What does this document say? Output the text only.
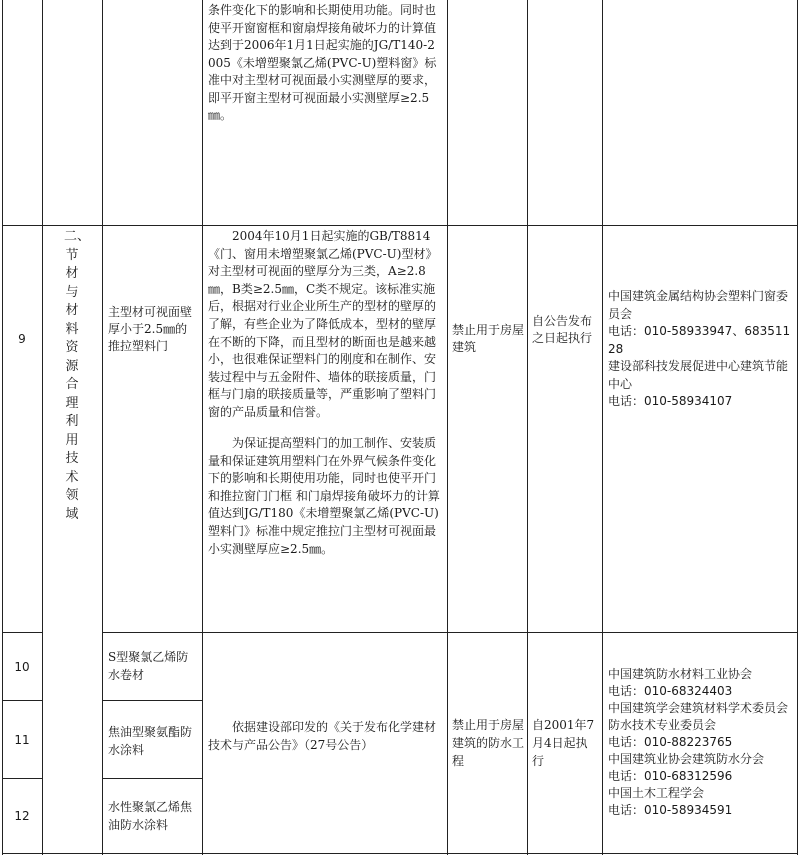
条件变化下的影响和长期使用功能。同时也使平开窗窗框和窗扇焊接角破坏力的计算值达到于2006年1月1日起实施的JG/T140-2005《未增塑聚氯乙烯(PVC-U)塑料窗》标准中对主型材可视面最小实测壁厚的要求，即平开窗主型材可视面最小实测壁厚≥2.5㎜。
二、节材与材料资源合理利用技术领域
9
主型材可视面壁厚小于2.5㎜的推拉塑料门
　　2004年10月1日起实施的GB/T8814《门、窗用未增塑聚氯乙烯(PVC-U)型材》对主型材可视面的壁厚分为三类，A≥2.8㎜，B类≥2.5㎜，C类不规定。该标准实施后，根据对行业企业所生产的型材的壁厚的了解，有些企业为了降低成本，型材的壁厚在不断的下降，而且型材的断面也是越来越小，也很难保证塑料门的刚度和在制作、安装过程中与五金附件、墙体的联接质量，门框与门扇的联接质量等，严重影响了塑料门窗的产品质量和信誉。
　　为保证提高塑料门的加工制作、安装质量和保证建筑用塑料门在外界气候条件变化下的影响和长期使用功能，同时也使平开门和推拉窗门门框 和门扇焊接角破坏力的计算值达到JG/T180《未增塑聚氯乙烯(PVC-U)塑料门》标准中规定推拉门主型材可视面最小实测壁厚应≥2.5㎜。
禁止用于房屋建筑
自公告发布之日起执行
中国建筑金属结构协会塑料门窗委员会
电话：010-58933947、68351128
建设部科技发展促进中心建筑节能中心
电话：010-58934107
10
S型聚氯乙烯防水卷材
11
焦油型聚氨酯防水涂料
12
水性聚氯乙烯焦油防水涂料
　　依据建设部印发的《关于发布化学建材技术与产品公告》（27号公告）
禁止用于房屋建筑的防水工程
自2001年7月4日起执行
中国建筑防水材料工业协会
电话：010-68324403
中国建筑学会建筑材料学术委员会防水技术专业委员会
电话：010-88223765
中国建筑业协会建筑防水分会
电话：010-68312596
中国土木工程学会
电话：010-58934591
